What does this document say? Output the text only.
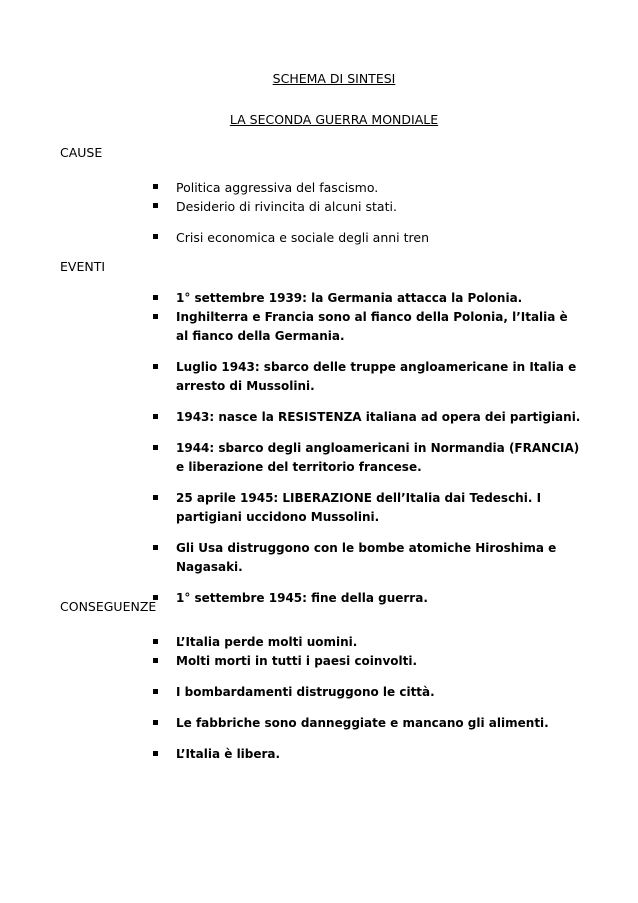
SCHEMA DI SINTESI
LA SECONDA GUERRA MONDIALE
CAUSE
Politica aggressiva del fascismo.
Desiderio di rivincita di alcuni stati.
Crisi economica e sociale degli anni tren
EVENTI
1° settembre 1939: la Germania attacca la Polonia.
Inghilterra e Francia sono al fianco della Polonia, l’Italia è al fianco della Germania.
Luglio 1943: sbarco delle truppe angloamericane in Italia e arresto di Mussolini.
1943: nasce la RESISTENZA italiana ad opera dei partigiani.
1944: sbarco degli angloamericani in Normandia (FRANCIA) e liberazione del territorio francese.
25 aprile 1945: LIBERAZIONE dell’Italia dai Tedeschi. I partigiani uccidono Mussolini.
Gli Usa distruggono con le bombe atomiche Hiroshima e Nagasaki.
1° settembre 1945: fine della guerra.
CONSEGUENZE
L’Italia perde molti uomini.
Molti morti in tutti i paesi coinvolti.
I bombardamenti distruggono le città.
Le fabbriche sono danneggiate e mancano gli alimenti.
L’Italia è libera.
